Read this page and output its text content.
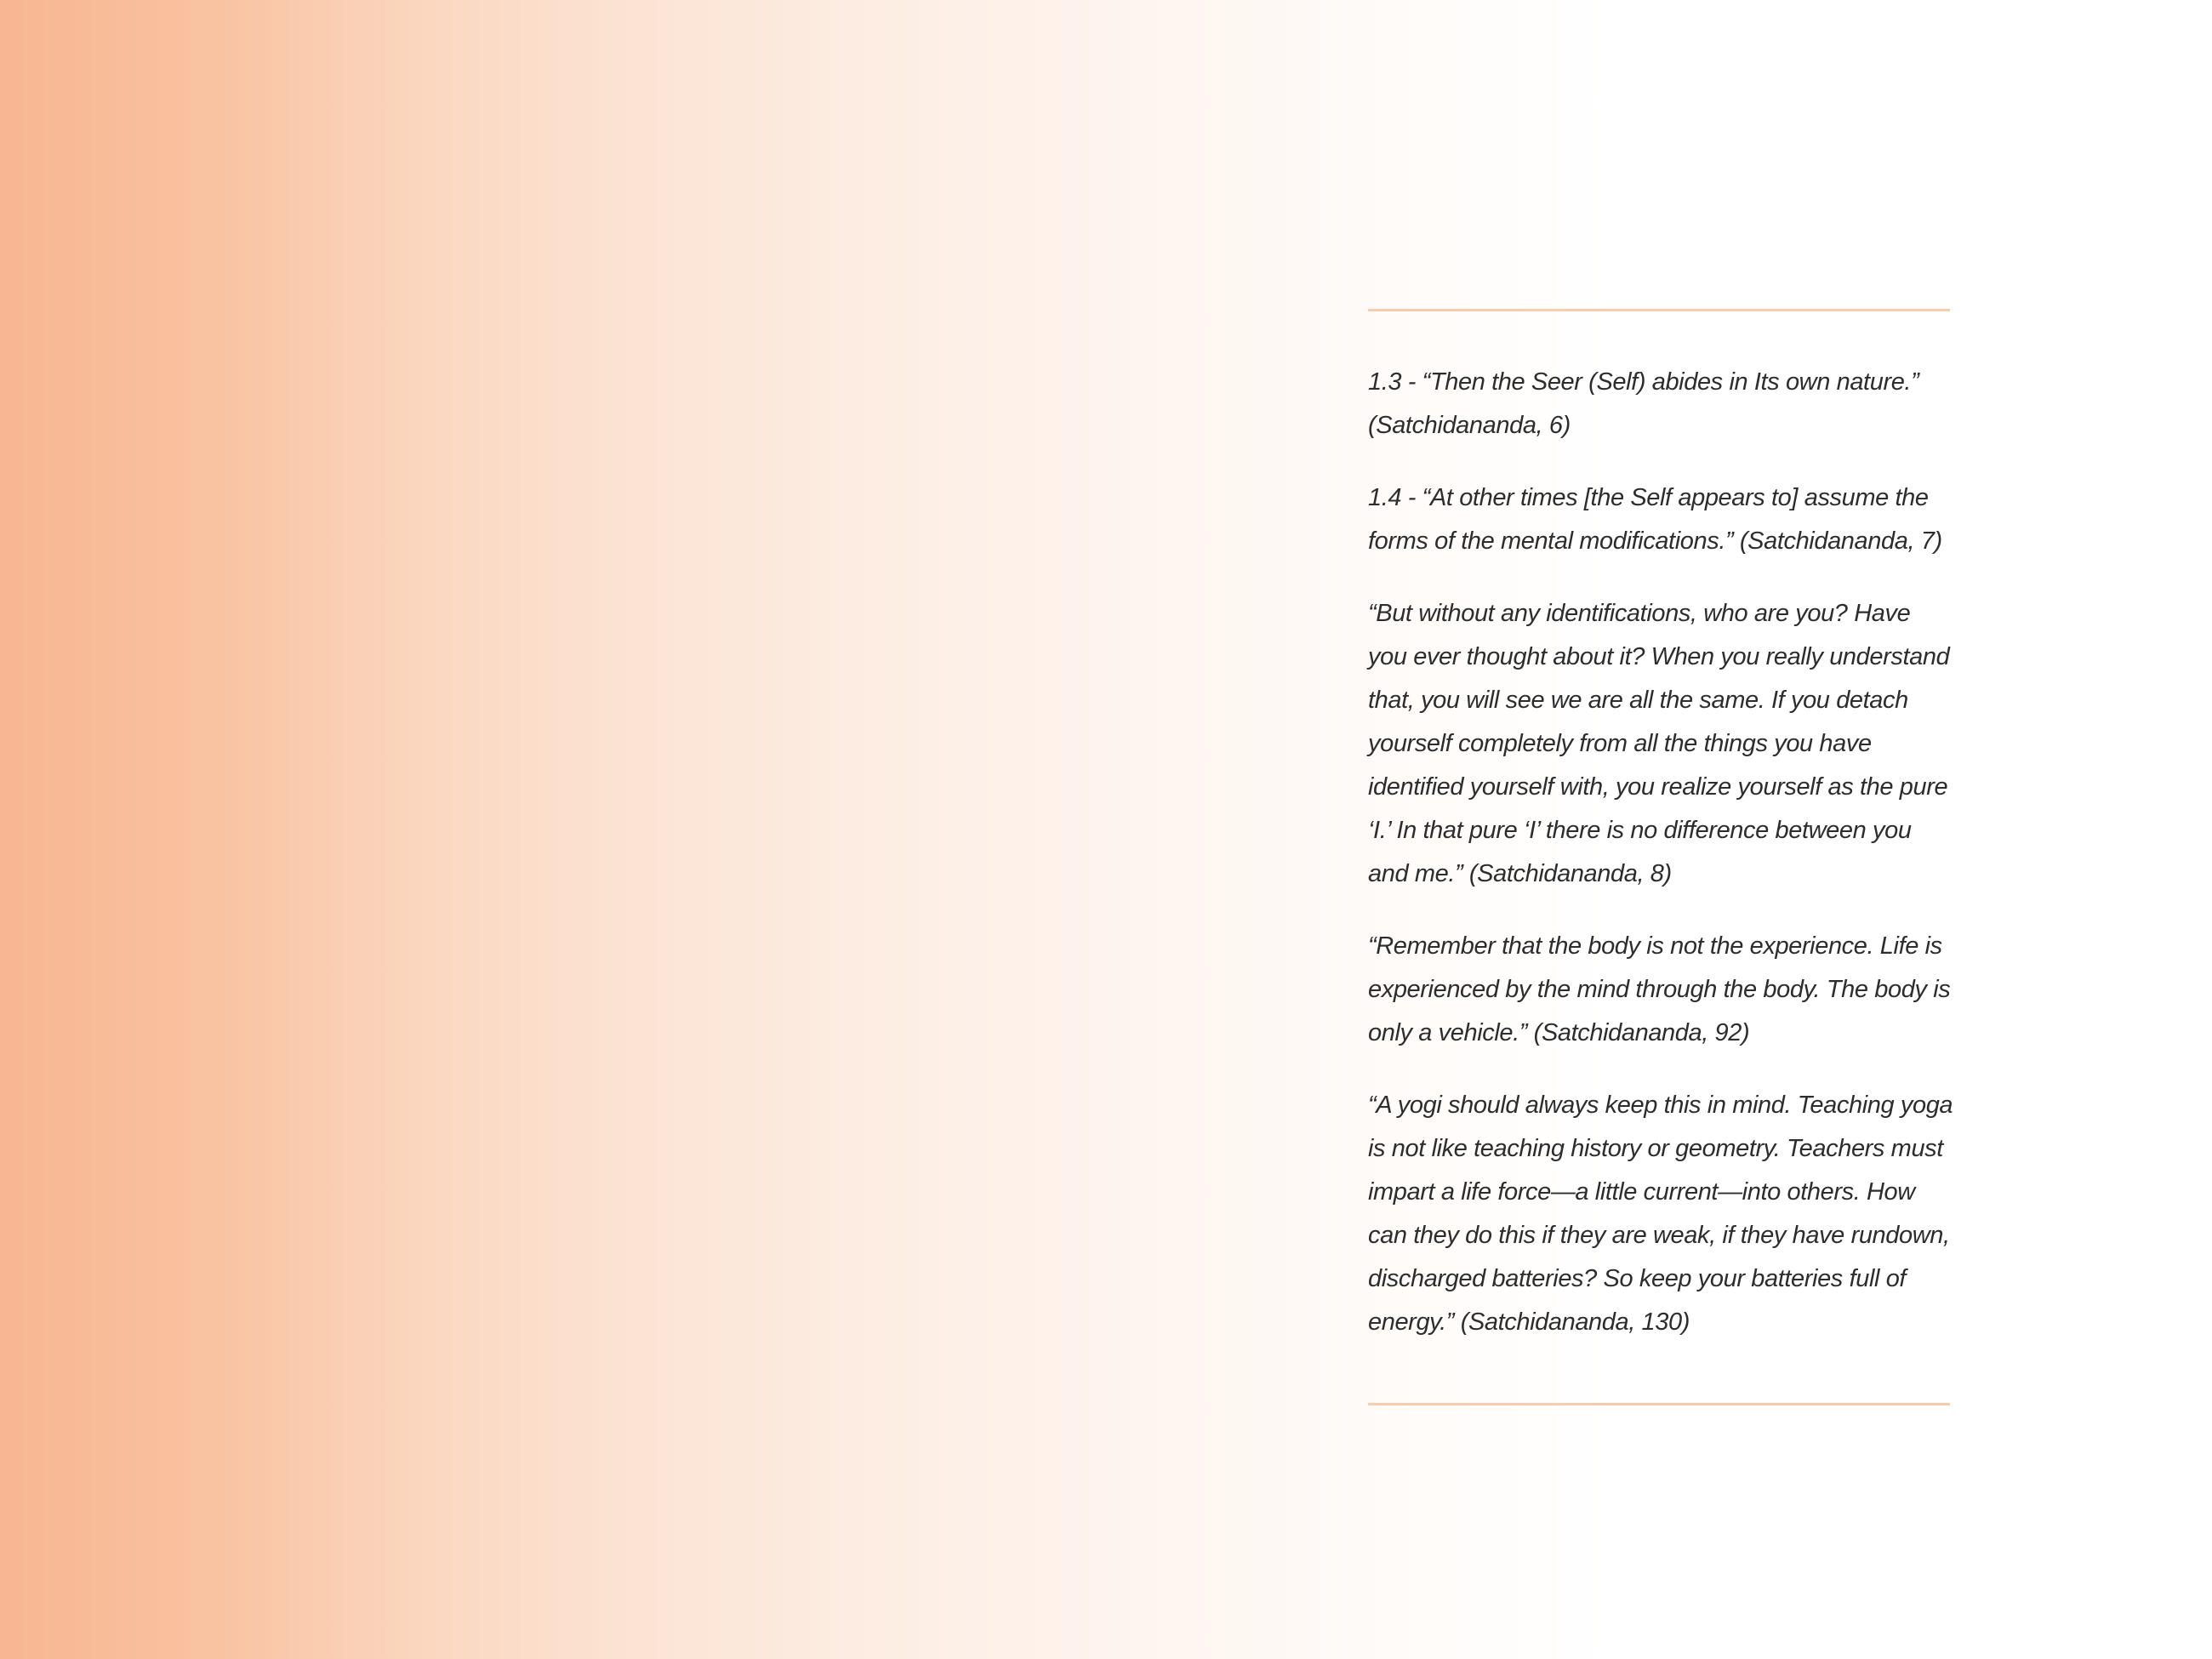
1.3 - “Then the Seer (Self) abides in Its own nature.” (Satchidananda, 6)

1.4 - “At other times [the Self appears to] assume the forms of the mental modifications.” (Satchidananda, 7)

“But without any identifications, who are you? Have you ever thought about it? When you really understand that, you will see we are all the same. If you detach yourself completely from all the things you have identified yourself with, you realize yourself as the pure ‘I.’ In that pure ‘I’ there is no difference between you and me.” (Satchidananda, 8)

“Remember that the body is not the experience. Life is experienced by the mind through the body. The body is only a vehicle.” (Satchidananda, 92)

“A yogi should always keep this in mind. Teaching yoga is not like teaching history or geometry. Teachers must impart a life force—a little current—into others. How can they do this if they are weak, if they have rundown, discharged batteries? So keep your batteries full of energy.” (Satchidananda, 130)
